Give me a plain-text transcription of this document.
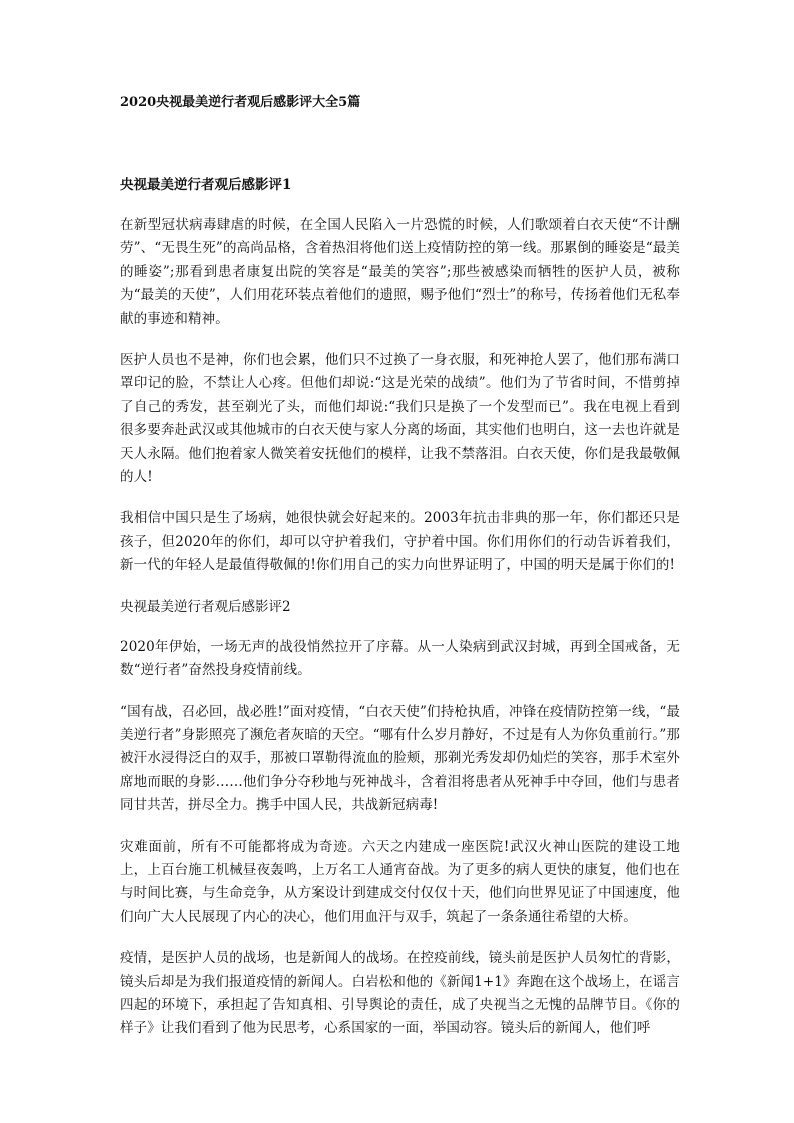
2020央视最美逆行者观后感影评大全5篇
央视最美逆行者观后感影评1

在新型冠状病毒肆虐的时候，在全国人民陷入一片恐慌的时候，人们歌颂着白衣天使“不计酬劳”、“无畏生死”的高尚品格，含着热泪将他们送上疫情防控的第一线。那累倒的睡姿是“最美的睡姿”;那看到患者康复出院的笑容是“最美的笑容”;那些被感染而牺牲的医护人员，被称为“最美的天使”，人们用花环装点着他们的遗照，赐予他们“烈士”的称号，传扬着他们无私奉献的事迹和精神。

医护人员也不是神，你们也会累，他们只不过换了一身衣服，和死神抢人罢了，他们那布满口罩印记的脸，不禁让人心疼。但他们却说:“这是光荣的战绩”。他们为了节省时间，不惜剪掉了自己的秀发，甚至剃光了头，而他们却说:“我们只是换了一个发型而已”。我在电视上看到很多要奔赴武汉或其他城市的白衣天使与家人分离的场面，其实他们也明白，这一去也许就是天人永隔。他们抱着家人微笑着安抚他们的模样，让我不禁落泪。白衣天使，你们是我最敬佩的人!

我相信中国只是生了场病，她很快就会好起来的。2003年抗击非典的那一年，你们都还只是孩子，但2020年的你们，却可以守护着我们，守护着中国。你们用你们的行动告诉着我们，新一代的年轻人是最值得敬佩的!你们用自己的实力向世界证明了，中国的明天是属于你们的!

央视最美逆行者观后感影评2

2020年伊始，一场无声的战役悄然拉开了序幕。从一人染病到武汉封城，再到全国戒备，无数“逆行者”奋然投身疫情前线。

“国有战，召必回，战必胜!”面对疫情，“白衣天使”们持枪执盾，冲锋在疫情防控第一线，“最美逆行者”身影照亮了濒危者灰暗的天空。“哪有什么岁月静好，不过是有人为你负重前行。”那被汗水浸得泛白的双手，那被口罩勒得流血的脸颊，那剃光秀发却仍灿烂的笑容，那手术室外席地而眠的身影……他们争分夺秒地与死神战斗，含着泪将患者从死神手中夺回，他们与患者同甘共苦，拼尽全力。携手中国人民，共战新冠病毒!

灾难面前，所有不可能都将成为奇迹。六天之内建成一座医院!武汉火神山医院的建设工地上，上百台施工机械昼夜轰鸣，上万名工人通宵奋战。为了更多的病人更快的康复，他们也在与时间比赛，与生命竞争，从方案设计到建成交付仅仅十天，他们向世界见证了中国速度，他们向广大人民展现了内心的决心，他们用血汗与双手，筑起了一条条通往希望的大桥。

疫情，是医护人员的战场，也是新闻人的战场。在控疫前线，镜头前是医护人员匆忙的背影，镜头后却是为我们报道疫情的新闻人。白岩松和他的《新闻1+1》奔跑在这个战场上，在谣言四起的环境下，承担起了告知真相、引导舆论的责任，成了央视当之无愧的品牌节目。《你的样子》让我们看到了他为民思考，心系国家的一面，举国动容。镜头后的新闻人，他们呼
